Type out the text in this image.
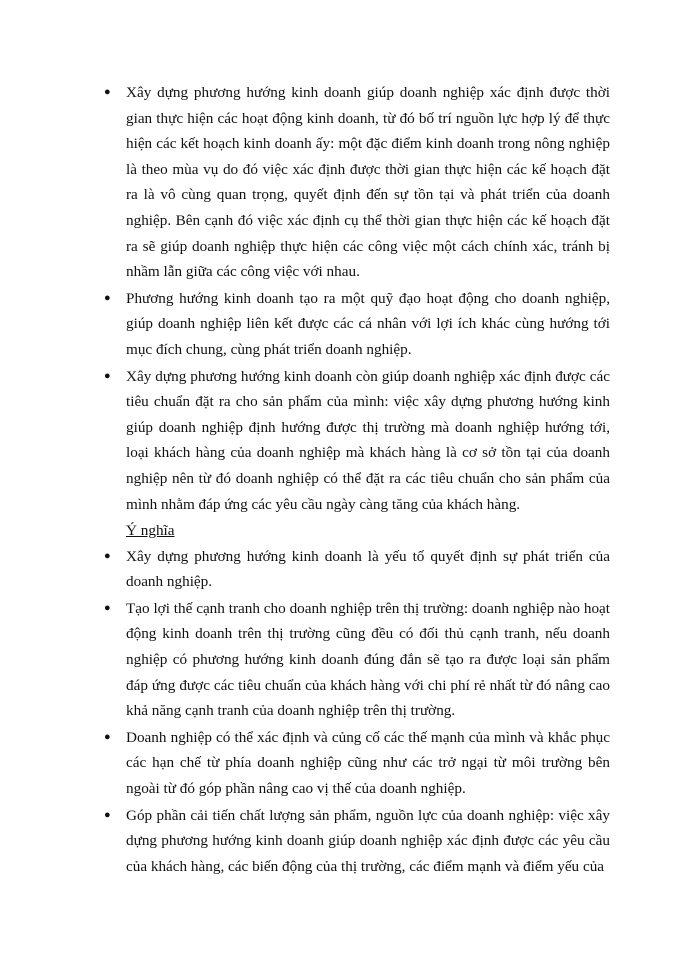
● Xây dựng phương hướng kinh doanh giúp doanh nghiệp xác định được thời gian thực hiện các hoạt động kinh doanh, từ đó bố trí nguồn lực hợp lý để thực hiện các kết hoạch kinh doanh ấy: một đặc điểm kinh doanh trong nông nghiệp là theo mùa vụ do đó việc xác định được thời gian thực hiện các kế hoạch đặt ra là vô cùng quan trọng, quyết định đến sự tồn tại và phát triển của doanh nghiệp. Bên cạnh đó việc xác định cụ thể thời gian thực hiện các kế hoạch đặt ra sẽ giúp doanh nghiệp thực hiện các công việc một cách chính xác, tránh bị nhầm lẫn giữa các công việc với nhau.
● Phương hướng kinh doanh tạo ra một quỹ đạo hoạt động cho doanh nghiệp, giúp doanh nghiệp liên kết được các cá nhân với lợi ích khác cùng hướng tới mục đích chung, cùng phát triển doanh nghiệp.
● Xây dựng phương hướng kinh doanh còn giúp doanh nghiệp xác định được các tiêu chuẩn đặt ra cho sản phẩm của mình: việc xây dựng phương hướng kinh giúp doanh nghiệp định hướng được thị trường mà doanh nghiệp hướng tới, loại khách hàng của doanh nghiệp mà khách hàng là cơ sở tồn tại của doanh nghiệp nên từ đó doanh nghiệp có thể đặt ra các tiêu chuẩn cho sản phẩm của mình nhằm đáp ứng các yêu cầu ngày càng tăng của khách hàng.
Ý nghĩa
● Xây dựng phương hướng kinh doanh là yếu tố quyết định sự phát triển của doanh nghiệp.
● Tạo lợi thế cạnh tranh cho doanh nghiệp trên thị trường: doanh nghiệp nào hoạt động kinh doanh trên thị trường cũng đều có đối thủ cạnh tranh, nếu doanh nghiệp có phương hướng kinh doanh đúng đắn sẽ tạo ra được loại sản phẩm đáp ứng được các tiêu chuẩn của khách hàng với chi phí rẻ nhất từ đó nâng cao khả năng cạnh tranh của doanh nghiệp trên thị trường.
● Doanh nghiệp có thể xác định và củng cố các thế mạnh của mình và khắc phục các hạn chế từ phía doanh nghiệp cũng như các trở ngại từ môi trường bên ngoài từ đó góp phần nâng cao vị thế của doanh nghiệp.
● Góp phần cải tiến chất lượng sản phẩm, nguồn lực của doanh nghiệp: việc xây dựng phương hướng kinh doanh giúp doanh nghiệp xác định được các yêu cầu của khách hàng, các biến động của thị trường, các điểm mạnh và điểm yếu của
